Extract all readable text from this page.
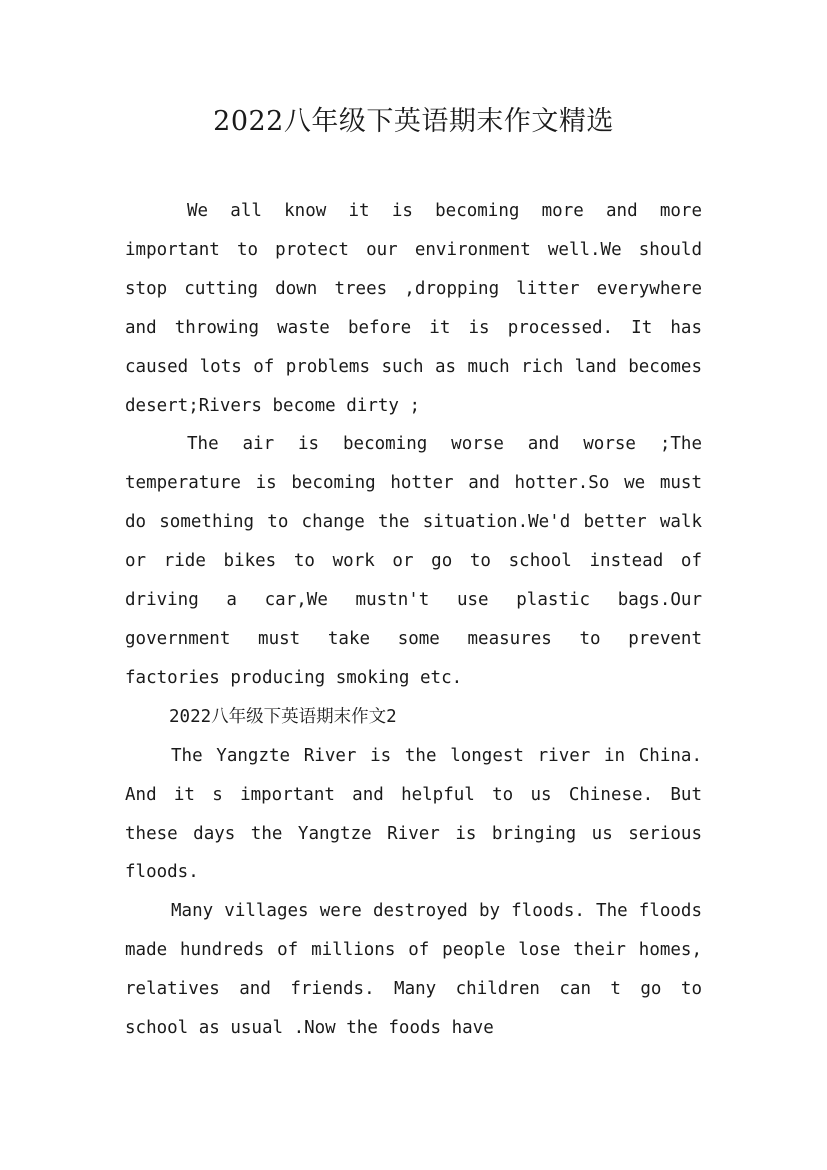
2022八年级下英语期末作文精选

We all know it is becoming more and more important to protect our environment well.We should stop cutting down trees ,dropping litter everywhere and throwing waste before it is processed. It has caused lots of problems such as much rich land becomes desert;Rivers become dirty ;

The air is becoming worse and worse ;The temperature is becoming hotter and hotter.So we must do something to change the situation.We'd better walk or ride bikes to work or go to school instead of driving a car,We mustn't use plastic bags.Our government must take some measures to prevent factories producing smoking etc.

2022八年级下英语期末作文2

The Yangzte River is the longest river in China. And it s important and helpful to us Chinese. But these days the Yangtze River is bringing us serious floods.

Many villages were destroyed by floods. The floods made hundreds of millions of people lose their homes, relatives and friends. Many children can t go to school as usual .Now the foods have
